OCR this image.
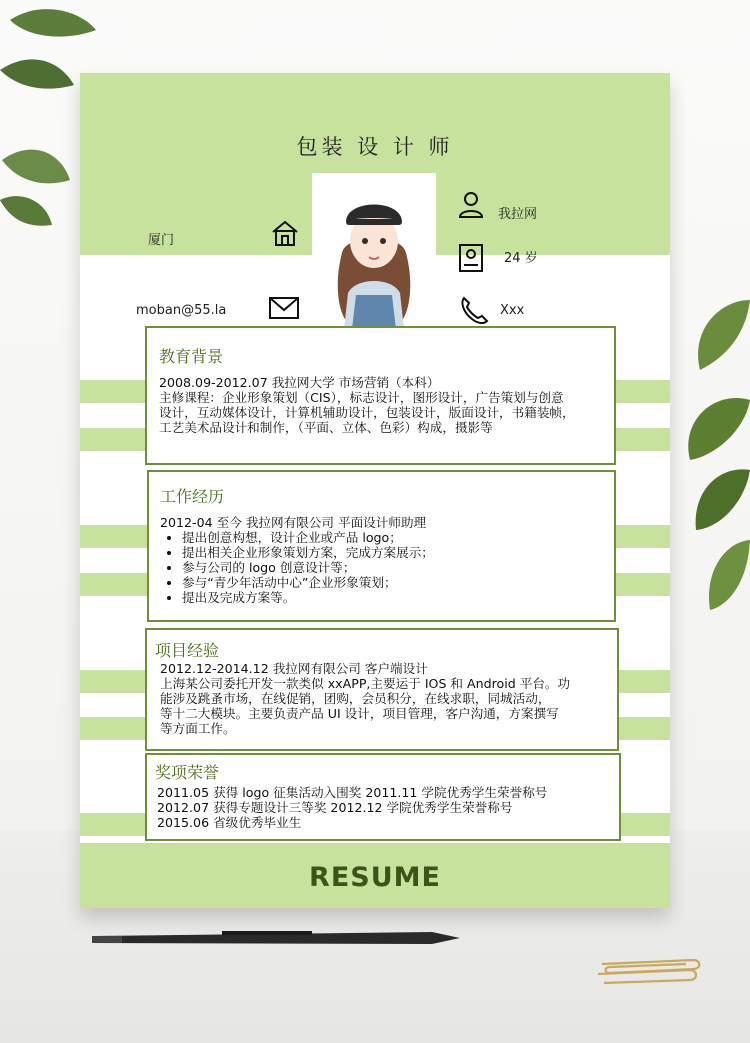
包装 设 计 师
厦门
moban@55.la
我拉网
24 岁
Xxx
教育背景
2008.09-2012.07 我拉网大学 市场营销（本科）
主修课程：企业形象策划（CIS），标志设计，图形设计，广告策划与创意
设计，互动媒体设计，计算机辅助设计，包装设计，版面设计，书籍装帧，
工艺美术品设计和制作，（平面、立体、色彩）构成，摄影等
工作经历
2012-04 至今 我拉网有限公司 平面设计师助理
• 提出创意构想，设计企业或产品 logo；
• 提出相关企业形象策划方案，完成方案展示；
• 参与公司的 logo 创意设计等；
• 参与“青少年活动中心”企业形象策划；
• 提出及完成方案等。
项目经验
2012.12-2014.12 我拉网有限公司 客户端设计
上海某公司委托开发一款类似 xxAPP,主要运于 IOS 和 Android 平台。功
能涉及跳蚤市场，在线促销，团购，会员积分，在线求职，同城活动，
等十二大模块。主要负责产品 UI 设计，项目管理，客户沟通，方案撰写
等方面工作。
奖项荣誉
2011.05 获得 logo 征集活动入围奖 2011.11 学院优秀学生荣誉称号
2012.07 获得专题设计三等奖 2012.12 学院优秀学生荣誉称号
2015.06 省级优秀毕业生
RESUME
